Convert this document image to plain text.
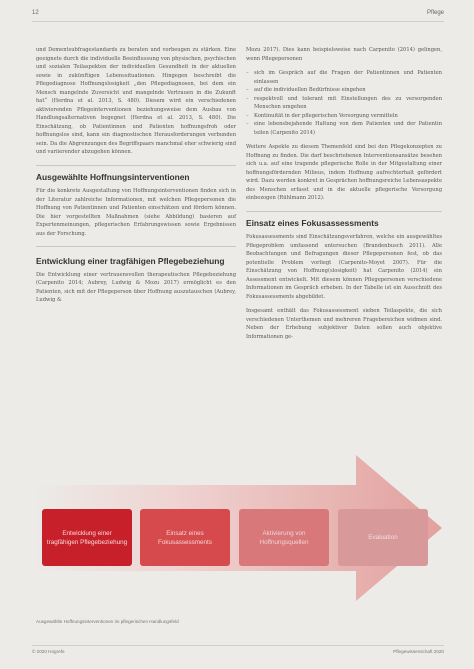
12	Pflege

und Dementsubfragestandards zu beraten und vorbeugen zu stärken. Eine geeignete durch die individuelle Beeinflussung von physischen, psychischen und sozialen Teilaspekten der individuellen Gesundheit in der aktuellen sowie in zukünftigen Lebenssituationen. Hingegen beschreibt die Pflegediagnose Hoffnungslosigkeit „den Pflegediagnosen, bei dem ein Mensch mangelnde Zuversicht und mangelnde Vertrauen in die Zukunft hat“ (Herdna et al. 2013, S. 480). Diesem wird ein verschiedenen aktivierenden Pflegeinterventionen beziehungsweise dem Ausbau von Handlungsalternativen begegnet (Herdna et al. 2013, S. 480). Die Einschätzung, ob Patientinnen und Patienten hoffnungsfroh oder hoffnungslos sind, kann ein diagnostischen Herausforderungen verbunden sein. Da die Abgrenzungen des Begriffspaars manchmal eher schwierig sind und variierender abzugehen können.

Ausgewählte Hoffnungsinterventionen

Für die konkrete Ausgestaltung von Hoffnungsinterventionen finden sich in der Literatur zahlreiche Informationen, mit welchen Pflegepersonen die Hoffnung von Patientinnen und Patienten einschätzen und fördern können. Die hier vorgestellten Maßnahmen (siehe Abbildung) basieren auf Expertenmeinungen, pflegerischen Erfahrungswissen sowie Ergebnissen aus der Forschung.

Entwicklung einer tragfähigen Pflegebeziehung

Die Entwicklung einer vertrauensvollen therapeutischen Pflegebeziehung (Carpenito 2014; Aubrey, Ludwig & Mozu 2017) ermöglicht es den Patienten, sich mit der Pflegeperson über Hoffnung auszutauschen (Aubrey, Ludwig &

Mozu 2017). Dies kann beispielsweise nach Carpenito (2014) gelingen, wenn Pflegepersonen

– sich im Gespräch auf die Fragen der Patientinnen und Patienten einlassen
– auf die individuellen Bedürfnisse eingehen
– respektvoll und tolerant mit Einstellungen des zu versorgenden Menschen umgehen
– Kontinuität in der pflegerischen Versorgung vermitteln
– eine lebensbejahende Haltung von dem Patienten und der Patientin teilen (Carpenito 2014)

Weitere Aspekte zu diesem Themenfeld sind bei den Pflegekonzepten zu Hoffnung zu finden. Die darf beschriebenen Interventionsansätze besehen sich u.a. auf eine tragende pflegerische Rolle in der Mitgestaltung einer hoffnungsfördernden Milieus, indem Hoffnung aufrechterhalt gefördert wird. Dazu werden konkret in Gesprächen hoffnungsreiche Lebensaspekte des Menschen erfasst und in die aktuelle pflegerische Versorgung einbezogen (Rühlmann 2012).

Einsatz eines Fokusassessments

Fokusassessments sind Einschätzungsverfahren, welche ein ausgewähltes Pflegeproblem umfassend untersuchen (Brandenbusch 2011). Alle Beobachtungen und Befragungen dieser Pflegepersonen fest, ob das potentielle Problem vorliegt (Carpenito-Moyet 2007). Für die Einschätzung von Hoffnung(slosigkeit) hat Carpenito (2014) ein Assessment entwickelt. Mit diesem können Pflegepersonen verschiedene Informationen im Gespräch erheben. In der Tabelle ist ein Ausschnitt des Fokusassessments abgebildet.

Insgesamt enthält das Fokusassessment sieben Teilaspekte, die sich verschiedenen Unterthemen und mehreren Fragebereichen widmen sind. Neben der Erhebung subjektiver Daten sollen auch objektive Informationen ge-

Entwicklung einer tragfähigen Pflegebeziehung
Einsatz eines Fokusassessments
Aktivierung von Hoffnungsquellen
Evaluation
Ausgewählte Hoffnungsinterventionen im pflegerischen Handlungsfeld
© 2020 Hogrefe	Pflegewissenschaft 2020
